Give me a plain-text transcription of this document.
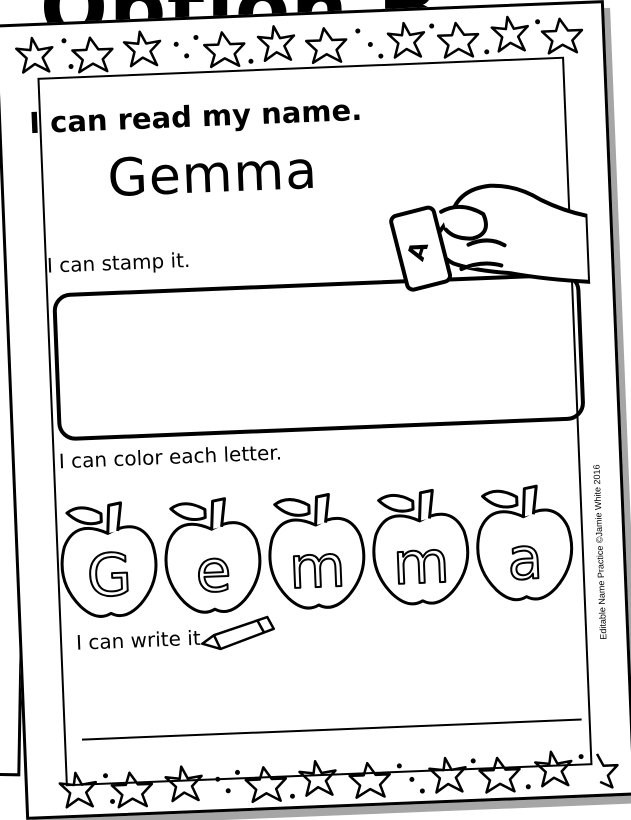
I can read my name.
Gemma
I can stamp it.	A
I can color each letter.
G e m m a
I can write it.
Editable Name Practice ©Jamie White 2016
